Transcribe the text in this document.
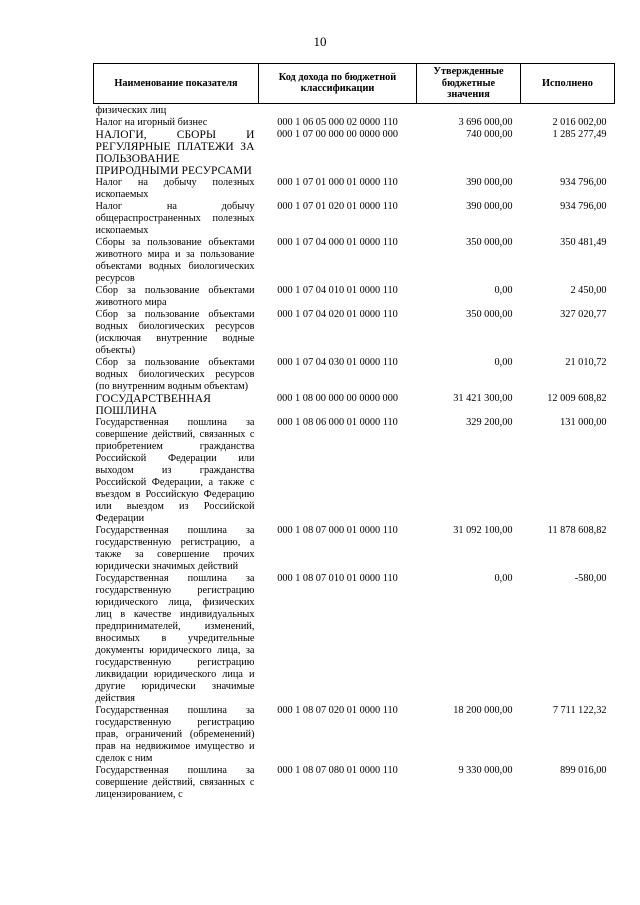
10
Наименование показателя	Код дохода по бюджетной классификации	Утвержденные бюджетные значения	Исполнено
физических лиц			
Налог на игорный бизнес	000 1 06 05 000 02 0000 110	3 696 000,00	2 016 002,00
НАЛОГИ, СБОРЫ И РЕГУЛЯРНЫЕ ПЛАТЕЖИ ЗА ПОЛЬЗОВАНИЕ ПРИРОДНЫМИ РЕСУРСАМИ	000 1 07 00 000 00 0000 000	740 000,00	1 285 277,49
Налог на добычу полезных ископаемых	000 1 07 01 000 01 0000 110	390 000,00	934 796,00
Налог на добычу общераспространенных полезных ископаемых	000 1 07 01 020 01 0000 110	390 000,00	934 796,00
Сборы за пользование объектами животного мира и за пользование объектами водных биологических ресурсов	000 1 07 04 000 01 0000 110	350 000,00	350 481,49
Сбор за пользование объектами животного мира	000 1 07 04 010 01 0000 110	0,00	2 450,00
Сбор за пользование объектами водных биологических ресурсов (исключая внутренние водные объекты)	000 1 07 04 020 01 0000 110	350 000,00	327 020,77
Сбор за пользование объектами водных биологических ресурсов (по внутренним водным объектам)	000 1 07 04 030 01 0000 110	0,00	21 010,72
ГОСУДАРСТВЕННАЯ ПОШЛИНА	000 1 08 00 000 00 0000 000	31 421 300,00	12 009 608,82
Государственная пошлина за совершение действий, связанных с приобретением гражданства Российской Федерации или выходом из гражданства Российской Федерации, а также с въездом в Российскую Федерацию или выездом из Российской Федерации	000 1 08 06 000 01 0000 110	329 200,00	131 000,00
Государственная пошлина за государственную регистрацию, а также за совершение прочих юридически значимых действий	000 1 08 07 000 01 0000 110	31 092 100,00	11 878 608,82
Государственная пошлина за государственную регистрацию юридического лица, физических лиц в качестве индивидуальных предпринимателей, изменений, вносимых в учредительные документы юридического лица, за государственную регистрацию ликвидации юридического лица и другие юридически значимые действия	000 1 08 07 010 01 0000 110	0,00	-580,00
Государственная пошлина за государственную регистрацию прав, ограничений (обременений) прав на недвижимое имущество и сделок с ним	000 1 08 07 020 01 0000 110	18 200 000,00	7 711 122,32
Государственная пошлина за совершение действий, связанных с лицензированием, с	000 1 08 07 080 01 0000 110	9 330 000,00	899 016,00
